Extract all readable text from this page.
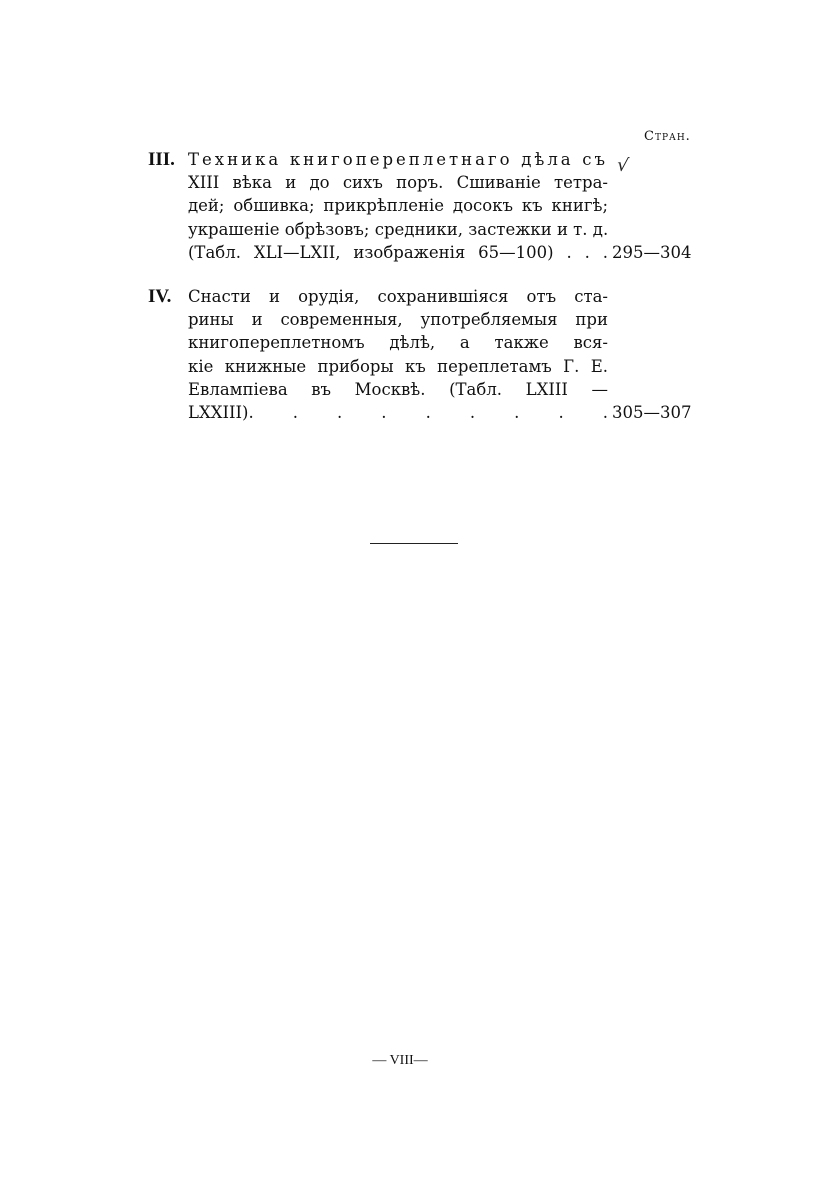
Стран.
III. Техника книгопереплетнаго дѣла съ
XIII вѣка и до сихъ поръ. Сшиваніе тетра-
дей; обшивка; прикрѣпленіе досокъ къ книгѣ;
украшеніе обрѣзовъ; средники, застежки и т. д.
(Табл. XLI—LXII, изображенія 65—100) . . . 295—304
√
IV. Снасти и орудія, сохранившіяся отъ ста-
рины и современныя, употребляемыя при
книгопереплетномъ дѣлѣ, а также вся-
кіе книжные приборы къ переплетамъ Г. Е.
Евлампіева въ Москвѣ. (Табл. LXIII —
LXXIII). . . . . . . . . 305—307
— VIII—
